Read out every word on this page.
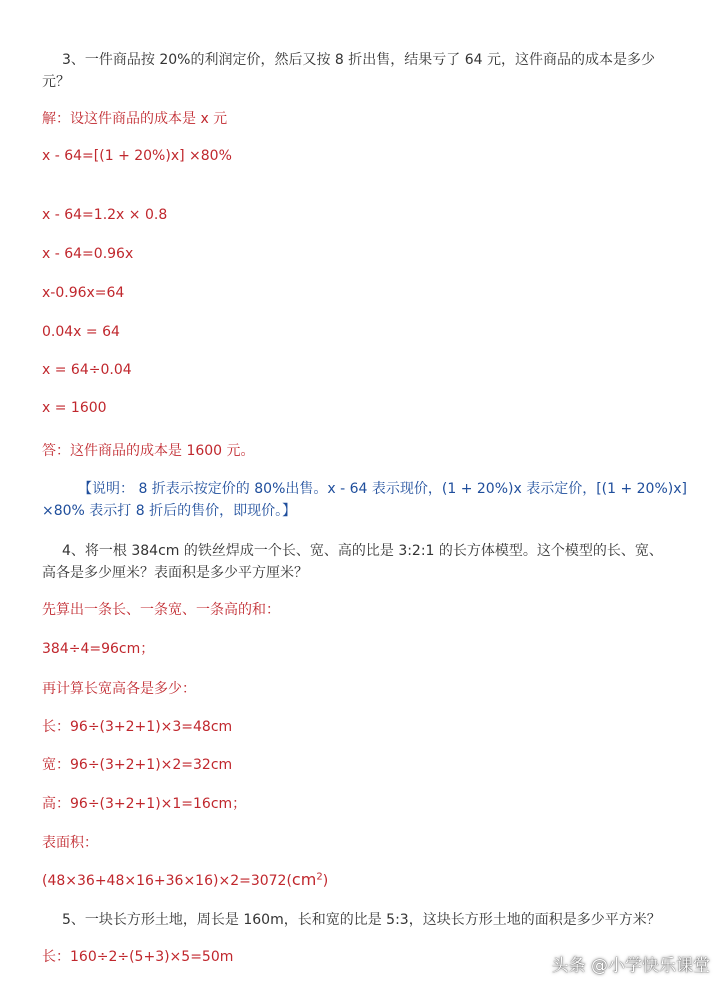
3、一件商品按 20%的利润定价，然后又按 8 折出售，结果亏了 64 元，这件商品的成本是多少
元？
解：设这件商品的成本是 x 元
x - 64=[(1 + 20%)x] ×80%
x - 64=1.2x × 0.8
x - 64=0.96x
x-0.96x=64
0.04x = 64
x = 64÷0.04
x = 1600
答：这件商品的成本是 1600 元。
【说明： 8 折表示按定价的 80%出售。x - 64 表示现价，(1 + 20%)x 表示定价，[(1 + 20%)x]
×80% 表示打 8 折后的售价，即现价。】
4、将一根 384cm 的铁丝焊成一个长、宽、高的比是 3:2:1 的长方体模型。这个模型的长、宽、
高各是多少厘米？表面积是多少平方厘米？
先算出一条长、一条宽、一条高的和：
384÷4=96cm；
再计算长宽高各是多少：
长：96÷(3+2+1)×3=48cm
宽：96÷(3+2+1)×2=32cm
高：96÷(3+2+1)×1=16cm；
表面积：
$(48\times 36+48\times 16+36\times 16)\times 2=3072(cm^2)$
5、一块长方形土地，周长是 160m，长和宽的比是 5:3，这块长方形土地的面积是多少平方米？
长：160÷2÷(5+3)×5=50m	头条 @小学快乐课堂
